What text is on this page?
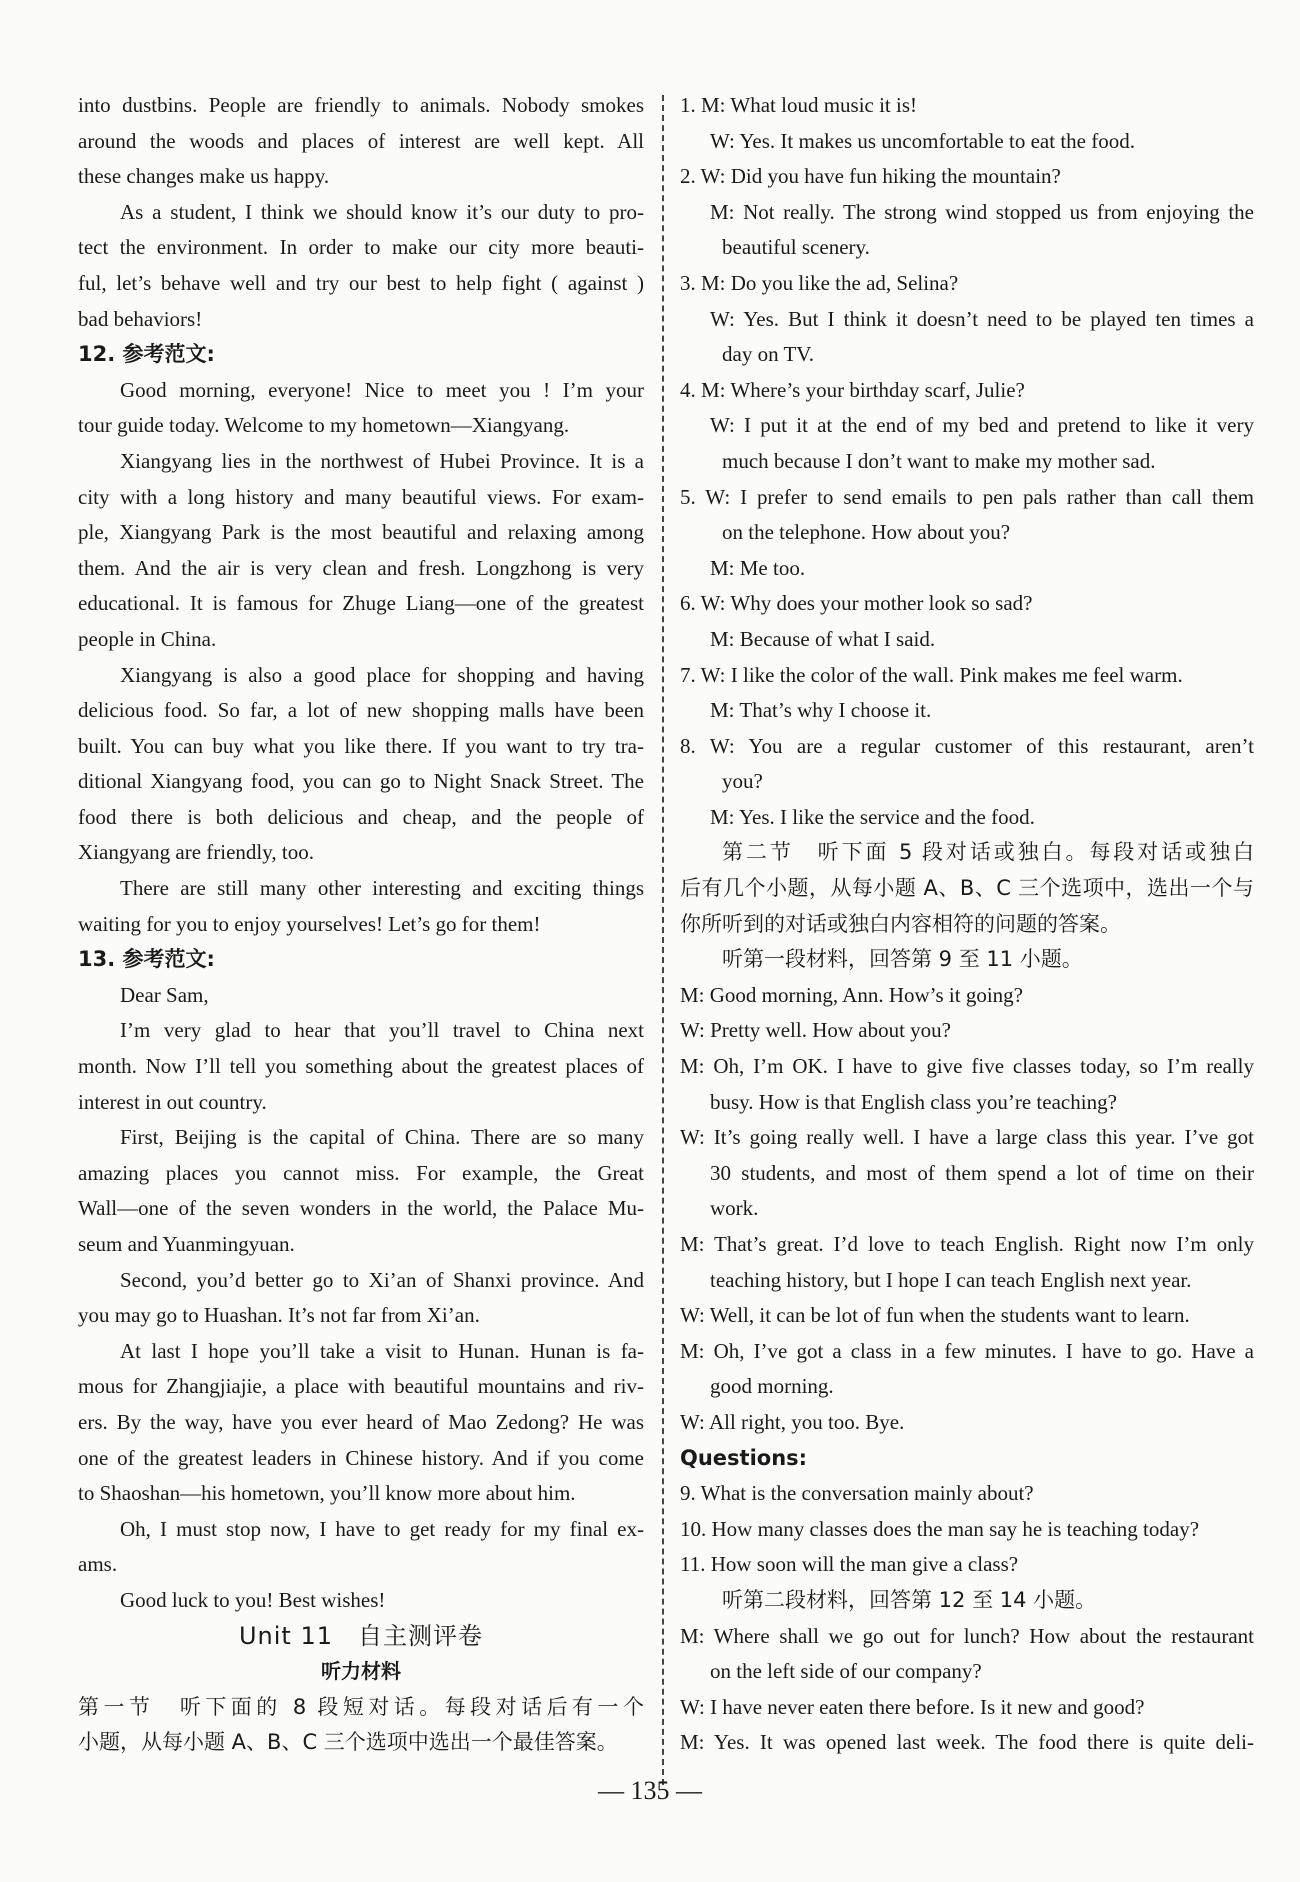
into dustbins. People are friendly to animals. Nobody smokes
around the woods and places of interest are well kept. All
these changes make us happy.
As a student, I think we should know it’s our duty to pro-
tect the environment. In order to make our city more beauti-
ful, let’s behave well and try our best to help fight ( against )
bad behaviors!
12. 参考范文:
Good morning, everyone! Nice to meet you ! I’m your
tour guide today. Welcome to my hometown—Xiangyang.
Xiangyang lies in the northwest of Hubei Province. It is a
city with a long history and many beautiful views. For exam-
ple, Xiangyang Park is the most beautiful and relaxing among
them. And the air is very clean and fresh. Longzhong is very
educational. It is famous for Zhuge Liang—one of the greatest
people in China.
Xiangyang is also a good place for shopping and having
delicious food. So far, a lot of new shopping malls have been
built. You can buy what you like there. If you want to try tra-
ditional Xiangyang food, you can go to Night Snack Street. The
food there is both delicious and cheap, and the people of
Xiangyang are friendly, too.
There are still many other interesting and exciting things
waiting for you to enjoy yourselves! Let’s go for them!
13. 参考范文:
Dear Sam,
I’m very glad to hear that you’ll travel to China next
month. Now I’ll tell you something about the greatest places of
interest in out country.
First, Beijing is the capital of China. There are so many
amazing places you cannot miss. For example, the Great
Wall—one of the seven wonders in the world, the Palace Mu-
seum and Yuanmingyuan.
Second, you’d better go to Xi’an of Shanxi province. And
you may go to Huashan. It’s not far from Xi’an.
At last I hope you’ll take a visit to Hunan. Hunan is fa-
mous for Zhangjiajie, a place with beautiful mountains and riv-
ers. By the way, have you ever heard of Mao Zedong? He was
one of the greatest leaders in Chinese history. And if you come
to Shaoshan—his hometown, you’ll know more about him.
Oh, I must stop now, I have to get ready for my final ex-
ams.
Good luck to you! Best wishes!
Unit 11　自主测评卷
听力材料
第一节　听下面的 8 段短对话。每段对话后有一个
小题，从每小题 A、B、C 三个选项中选出一个最佳答案。
1. M: What loud music it is!
W: Yes. It makes us uncomfortable to eat the food.
2. W: Did you have fun hiking the mountain?
M: Not really. The strong wind stopped us from enjoying the
beautiful scenery.
3. M: Do you like the ad, Selina?
W: Yes. But I think it doesn’t need to be played ten times a
day on TV.
4. M: Where’s your birthday scarf, Julie?
W: I put it at the end of my bed and pretend to like it very
much because I don’t want to make my mother sad.
5. W: I prefer to send emails to pen pals rather than call them
on the telephone. How about you?
M: Me too.
6. W: Why does your mother look so sad?
M: Because of what I said.
7. W: I like the color of the wall. Pink makes me feel warm.
M: That’s why I choose it.
8. W: You are a regular customer of this restaurant, aren’t
you?
M: Yes. I like the service and the food.
第二节　听下面 5 段对话或独白。每段对话或独白
后有几个小题，从每小题 A、B、C 三个选项中，选出一个与
你所听到的对话或独白内容相符的问题的答案。
听第一段材料，回答第 9 至 11 小题。
M: Good morning, Ann. How’s it going?
W: Pretty well. How about you?
M: Oh, I’m OK. I have to give five classes today, so I’m really
busy. How is that English class you’re teaching?
W: It’s going really well. I have a large class this year. I’ve got
30 students, and most of them spend a lot of time on their
work.
M: That’s great. I’d love to teach English. Right now I’m only
teaching history, but I hope I can teach English next year.
W: Well, it can be lot of fun when the students want to learn.
M: Oh, I’ve got a class in a few minutes. I have to go. Have a
good morning.
W: All right, you too. Bye.
Questions:
9. What is the conversation mainly about?
10. How many classes does the man say he is teaching today?
11. How soon will the man give a class?
听第二段材料，回答第 12 至 14 小题。
M: Where shall we go out for lunch? How about the restaurant
on the left side of our company?
W: I have never eaten there before. Is it new and good?
M: Yes. It was opened last week. The food there is quite deli-
— 135 —
